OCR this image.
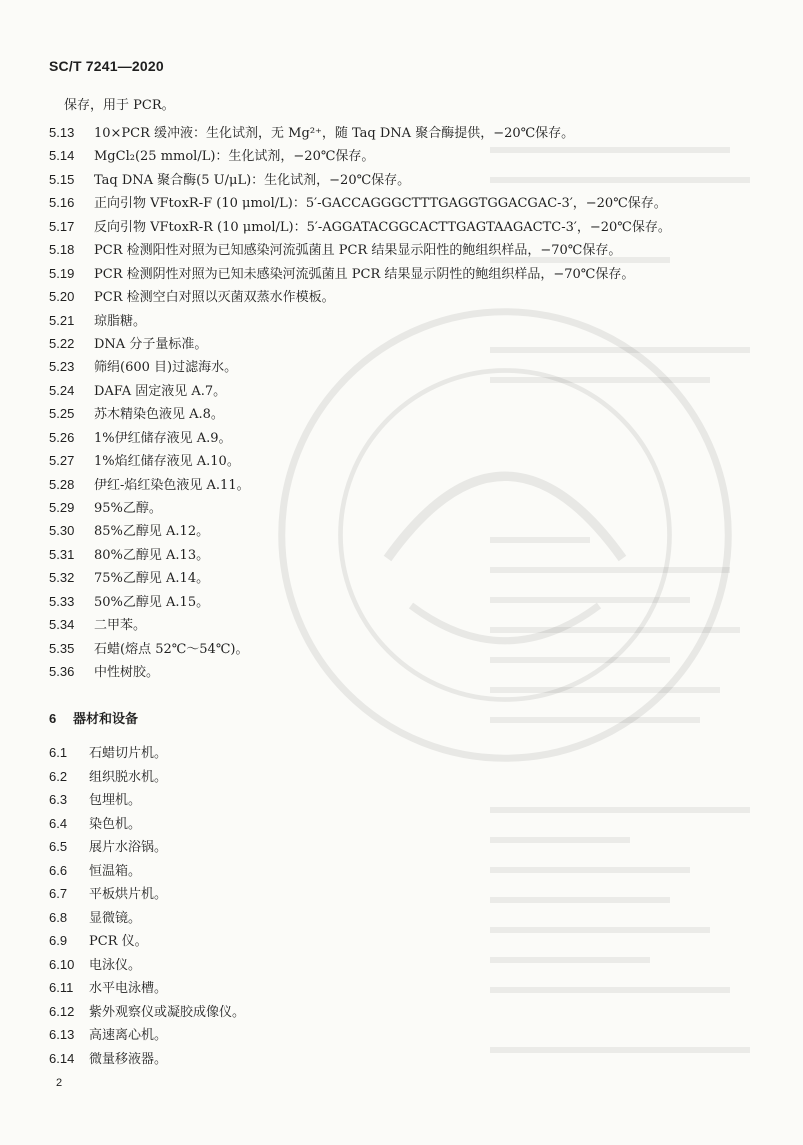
SC/T 7241—2020
保存，用于 PCR。
5.13 10×PCR 缓冲液：生化试剂，无 Mg²⁺，随 Taq DNA 聚合酶提供，−20℃保存。
5.14 MgCl₂(25 mmol/L)：生化试剂，−20℃保存。
5.15 Taq DNA 聚合酶(5 U/μL)：生化试剂，−20℃保存。
5.16 正向引物 VFtoxR-F (10 μmol/L)：5′-GACCAGGGCTTTGAGGTGGACGAC-3′，−20℃保存。
5.17 反向引物 VFtoxR-R (10 μmol/L)：5′-AGGATACGGCACTTGAGTAAGACTC-3′，−20℃保存。
5.18 PCR 检测阳性对照为已知感染河流弧菌且 PCR 结果显示阳性的鲍组织样品，−70℃保存。
5.19 PCR 检测阴性对照为已知未感染河流弧菌且 PCR 结果显示阴性的鲍组织样品，−70℃保存。
5.20 PCR 检测空白对照以灭菌双蒸水作模板。
5.21 琼脂糖。
5.22 DNA 分子量标准。
5.23 筛绢(600 目)过滤海水。
5.24 DAFA 固定液见 A.7。
5.25 苏木精染色液见 A.8。
5.26 1%伊红储存液见 A.9。
5.27 1%焰红储存液见 A.10。
5.28 伊红-焰红染色液见 A.11。
5.29 95%乙醇。
5.30 85%乙醇见 A.12。
5.31 80%乙醇见 A.13。
5.32 75%乙醇见 A.14。
5.33 50%乙醇见 A.15。
5.34 二甲苯。
5.35 石蜡(熔点 52℃～54℃)。
5.36 中性树胶。
6 器材和设备
6.1 石蜡切片机。
6.2 组织脱水机。
6.3 包埋机。
6.4 染色机。
6.5 展片水浴锅。
6.6 恒温箱。
6.7 平板烘片机。
6.8 显微镜。
6.9 PCR 仪。
6.10 电泳仪。
6.11 水平电泳槽。
6.12 紫外观察仪或凝胶成像仪。
6.13 高速离心机。
6.14 微量移液器。
2
